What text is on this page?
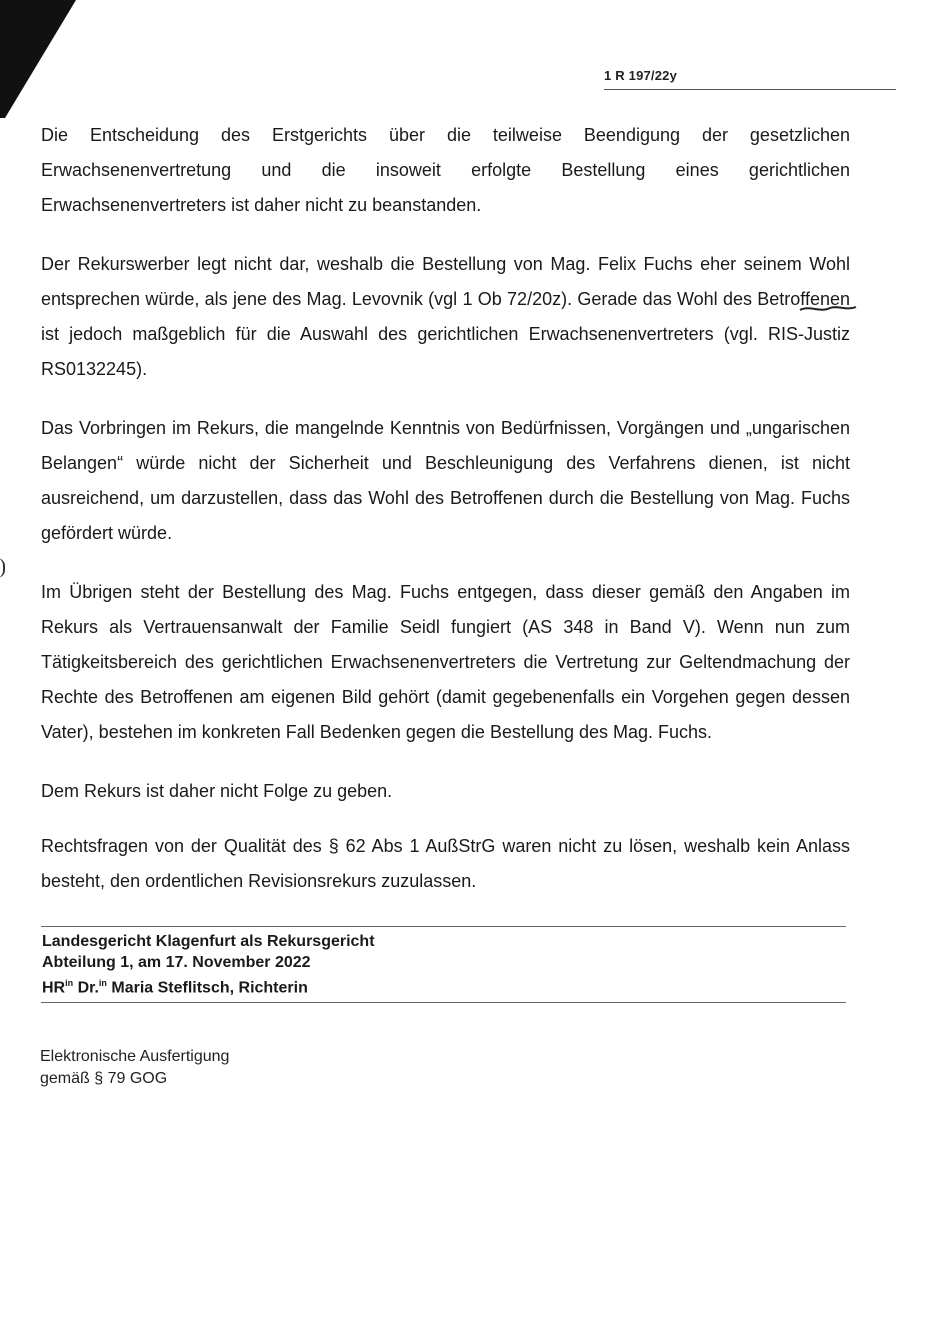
1 R 197/22y

Die Entscheidung des Erstgerichts über die teilweise Beendigung der gesetzlichen Erwachsenenvertretung und die insoweit erfolgte Bestellung eines gerichtlichen Erwachsenenvertreters ist daher nicht zu beanstanden.

Der Rekurswerber legt nicht dar, weshalb die Bestellung von Mag. Felix Fuchs eher seinem Wohl entsprechen würde, als jene des Mag. Levovnik (vgl 1 Ob 72/20z). Gerade das Wohl des Betroffenen ist jedoch maßgeblich für die Auswahl des gerichtlichen Erwachsenenvertreters (vgl. RIS-Justiz RS0132245).

Das Vorbringen im Rekurs, die mangelnde Kenntnis von Bedürfnissen, Vorgängen und „ungarischen Belangen“ würde nicht der Sicherheit und Beschleunigung des Verfahrens dienen, ist nicht ausreichend, um darzustellen, dass das Wohl des Betroffenen durch die Bestellung von Mag. Fuchs gefördert würde.

Im Übrigen steht der Bestellung des Mag. Fuchs entgegen, dass dieser gemäß den Angaben im Rekurs als Vertrauensanwalt der Familie Seidl fungiert (AS 348 in Band V). Wenn nun zum Tätigkeitsbereich des gerichtlichen Erwachsenenvertreters die Vertretung zur Geltendmachung der Rechte des Betroffenen am eigenen Bild gehört (damit gegebenenfalls ein Vorgehen gegen dessen Vater), bestehen im konkreten Fall Bedenken gegen die Bestellung des Mag. Fuchs.

Dem Rekurs ist daher nicht Folge zu geben.

Rechtsfragen von der Qualität des § 62 Abs 1 AußStrG waren nicht zu lösen, weshalb kein Anlass besteht, den ordentlichen Revisionsrekurs zuzulassen.

Landesgericht Klagenfurt als Rekursgericht
Abteilung 1, am 17. November 2022
$HR^{in}$ Dr.$^{in}$ Maria Steflitsch, Richterin
Elektronische Ausfertigung
gemäß § 79 GOG
